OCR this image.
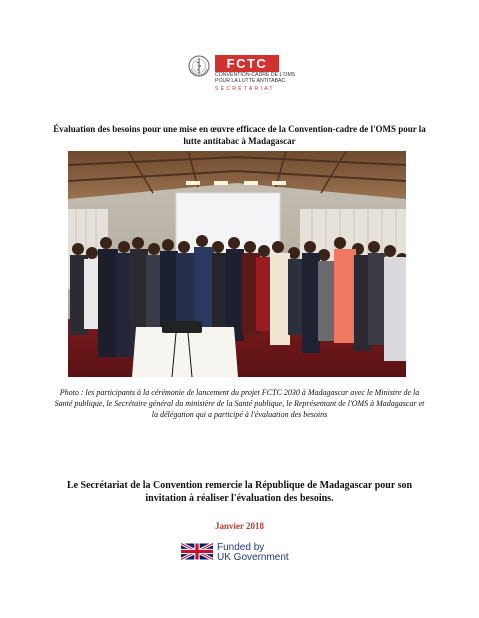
FCTC
CONVENTION-CADRE DE L'OMS
POUR LA LUTTE ANTITABAC
SECRÉTARIAT
Évaluation des besoins pour une mise en œuvre efficace de la Convention-cadre de l'OMS pour la lutte antitabac à Madagascar
Photo : les participants à la cérémonie de lancement du projet FCTC 2030 à Madagascar avec le Ministre de la Santé publique, le Secrétaire général du ministère de la Santé publique, le Représentant de l'OMS à Madagascar et la délégation qui a participé à l'évaluation des besoins
Le Secrétariat de la Convention remercie la République de Madagascar pour son invitation à réaliser l'évaluation des besoins.
Janvier 2018
Funded by
UK Government
